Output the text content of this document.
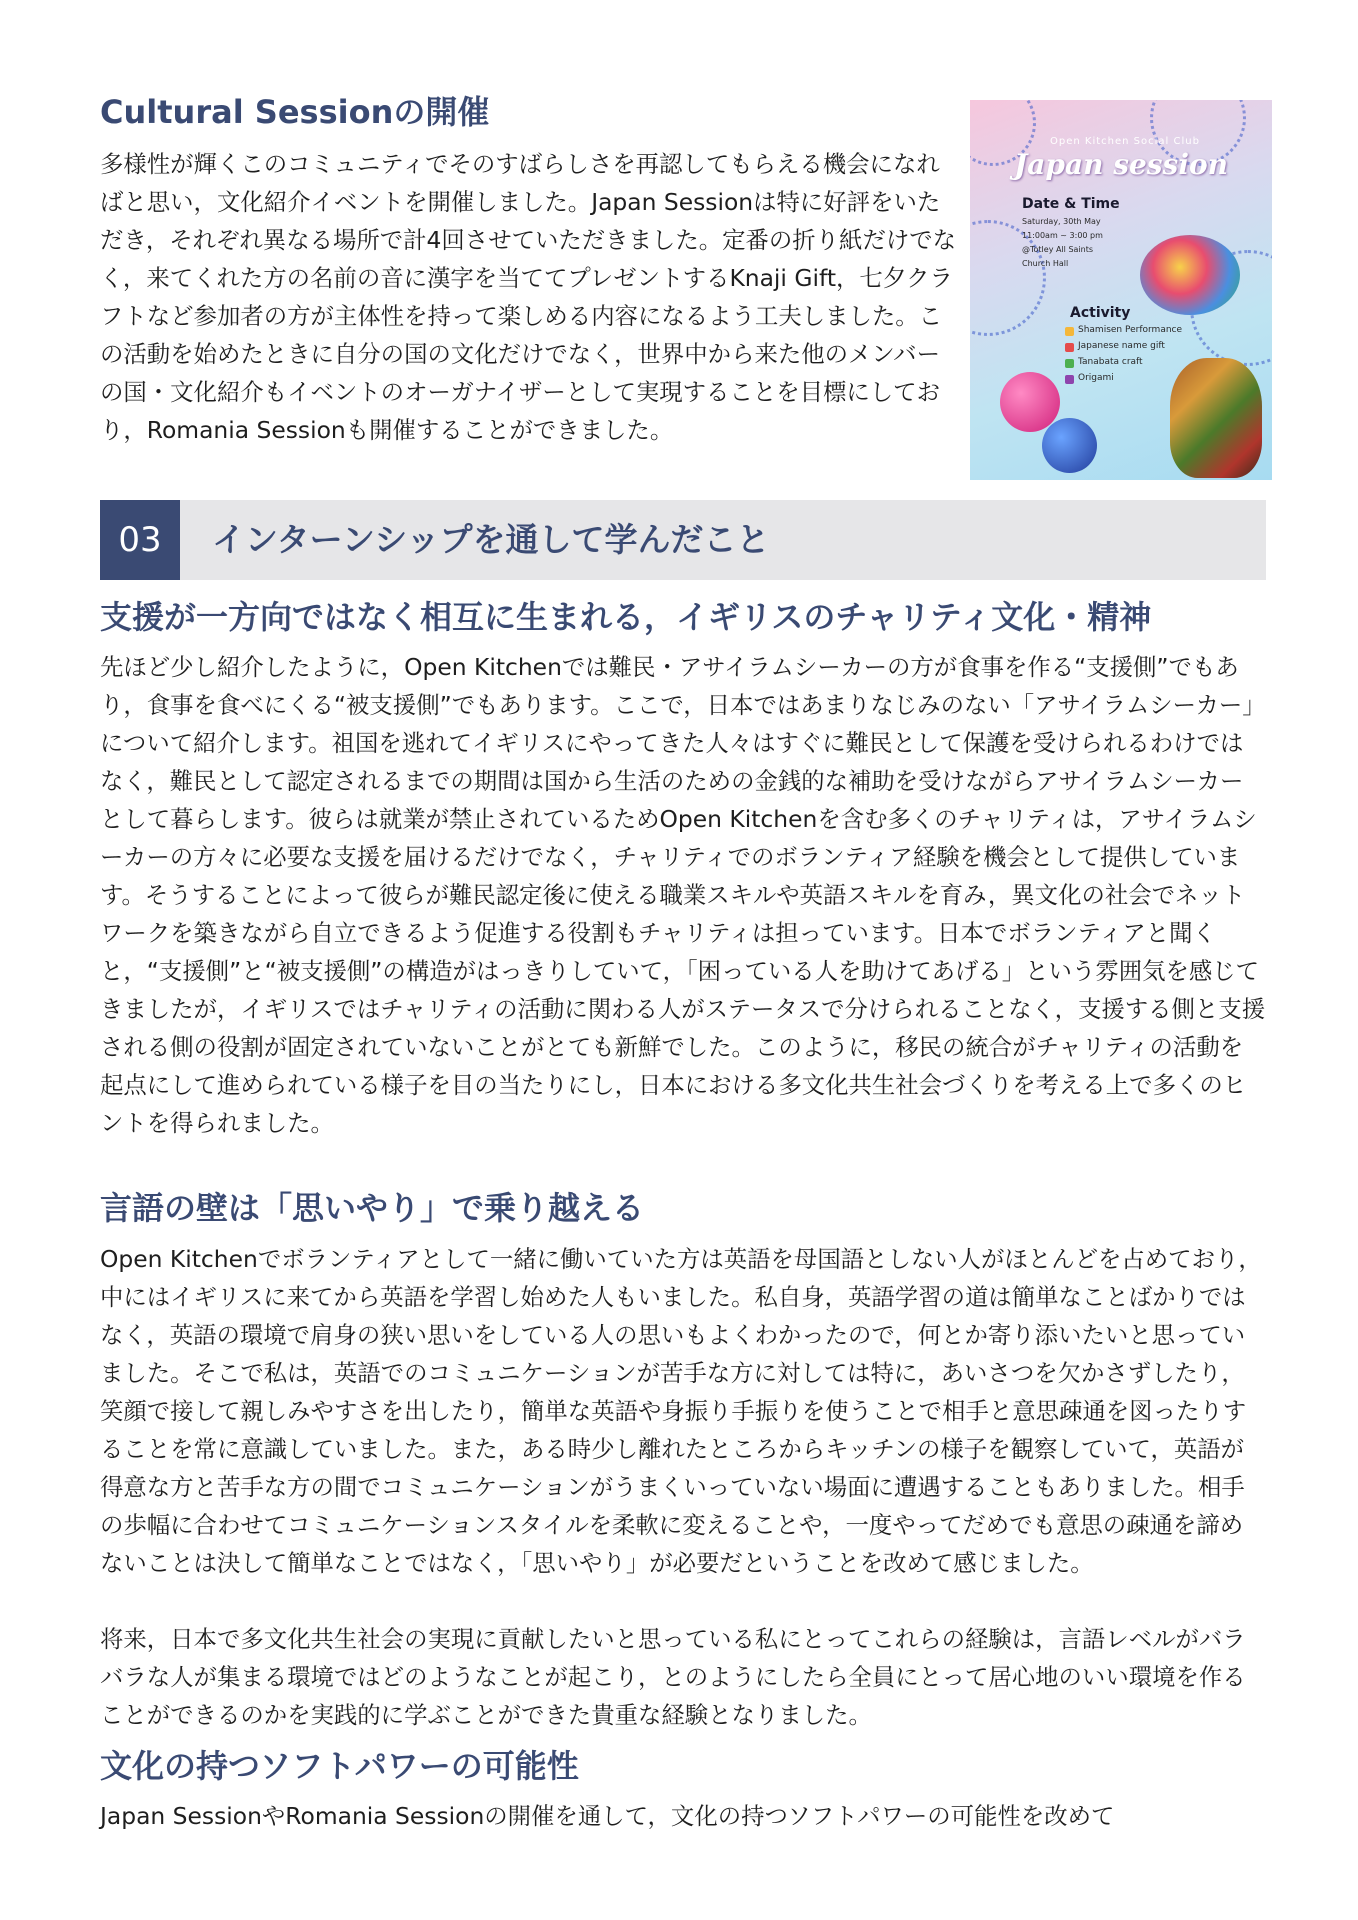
Cultural Sessionの開催

多様性が輝くこのコミュニティでそのすばらしさを再認してもらえる機会になればと思い，文化紹介イベントを開催しました。Japan Sessionは特に好評をいただき，それぞれ異なる場所で計4回させていただきました。定番の折り紙だけでなく，来てくれた方の名前の音に漢字を当ててプレゼントするKnaji Gift，七夕クラフトなど参加者の方が主体性を持って楽しめる内容になるよう工夫しました。この活動を始めたときに自分の国の文化だけでなく，世界中から来た他のメンバーの国・文化紹介もイベントのオーガナイザーとして実現することを目標にしており，Romania Sessionも開催することができました。

Open Kitchen Social Club
Japan session
Date & Time
Saturday, 30th May
11:00am ~ 3:00 pm
@Totley All Saints
Church Hall
Activity
Shamisen Performance
Japanese name gift
Tanabata craft
Origami
03	インターンシップを通して学んだこと
支援が一方向ではなく相互に生まれる，イギリスのチャリティ文化・精神

先ほど少し紹介したように，Open Kitchenでは難民・アサイラムシーカーの方が食事を作る“支援側”でもあり，食事を食べにくる“被支援側”でもあります。ここで，日本ではあまりなじみのない「アサイラムシーカー」について紹介します。祖国を逃れてイギリスにやってきた人々はすぐに難民として保護を受けられるわけではなく，難民として認定されるまでの期間は国から生活のための金銭的な補助を受けながらアサイラムシーカーとして暮らします。彼らは就業が禁止されているためOpen Kitchenを含む多くのチャリティは，アサイラムシーカーの方々に必要な支援を届けるだけでなく，チャリティでのボランティア経験を機会として提供しています。そうすることによって彼らが難民認定後に使える職業スキルや英語スキルを育み，異文化の社会でネットワークを築きながら自立できるよう促進する役割もチャリティは担っています。日本でボランティアと聞くと，“支援側”と“被支援側”の構造がはっきりしていて，「困っている人を助けてあげる」という雰囲気を感じてきましたが，イギリスではチャリティの活動に関わる人がステータスで分けられることなく，支援する側と支援される側の役割が固定されていないことがとても新鮮でした。このように，移民の統合がチャリティの活動を起点にして進められている様子を目の当たりにし，日本における多文化共生社会づくりを考える上で多くのヒントを得られました。

言語の壁は「思いやり」で乗り越える

Open Kitchenでボランティアとして一緒に働いていた方は英語を母国語としない人がほとんどを占めており，中にはイギリスに来てから英語を学習し始めた人もいました。私自身，英語学習の道は簡単なことばかりではなく，英語の環境で肩身の狭い思いをしている人の思いもよくわかったので，何とか寄り添いたいと思っていました。そこで私は，英語でのコミュニケーションが苦手な方に対しては特に，あいさつを欠かさずしたり，笑顔で接して親しみやすさを出したり，簡単な英語や身振り手振りを使うことで相手と意思疎通を図ったりすることを常に意識していました。また，ある時少し離れたところからキッチンの様子を観察していて，英語が得意な方と苦手な方の間でコミュニケーションがうまくいっていない場面に遭遇することもありました。相手の歩幅に合わせてコミュニケーションスタイルを柔軟に変えることや，一度やってだめでも意思の疎通を諦めないことは決して簡単なことではなく，「思いやり」が必要だということを改めて感じました。

将来，日本で多文化共生社会の実現に貢献したいと思っている私にとってこれらの経験は，言語レベルがバラバラな人が集まる環境ではどのようなことが起こり，とのようにしたら全員にとって居心地のいい環境を作ることができるのかを実践的に学ぶことができた貴重な経験となりました。

文化の持つソフトパワーの可能性

Japan SessionやRomania Sessionの開催を通して，文化の持つソフトパワーの可能性を改めて
